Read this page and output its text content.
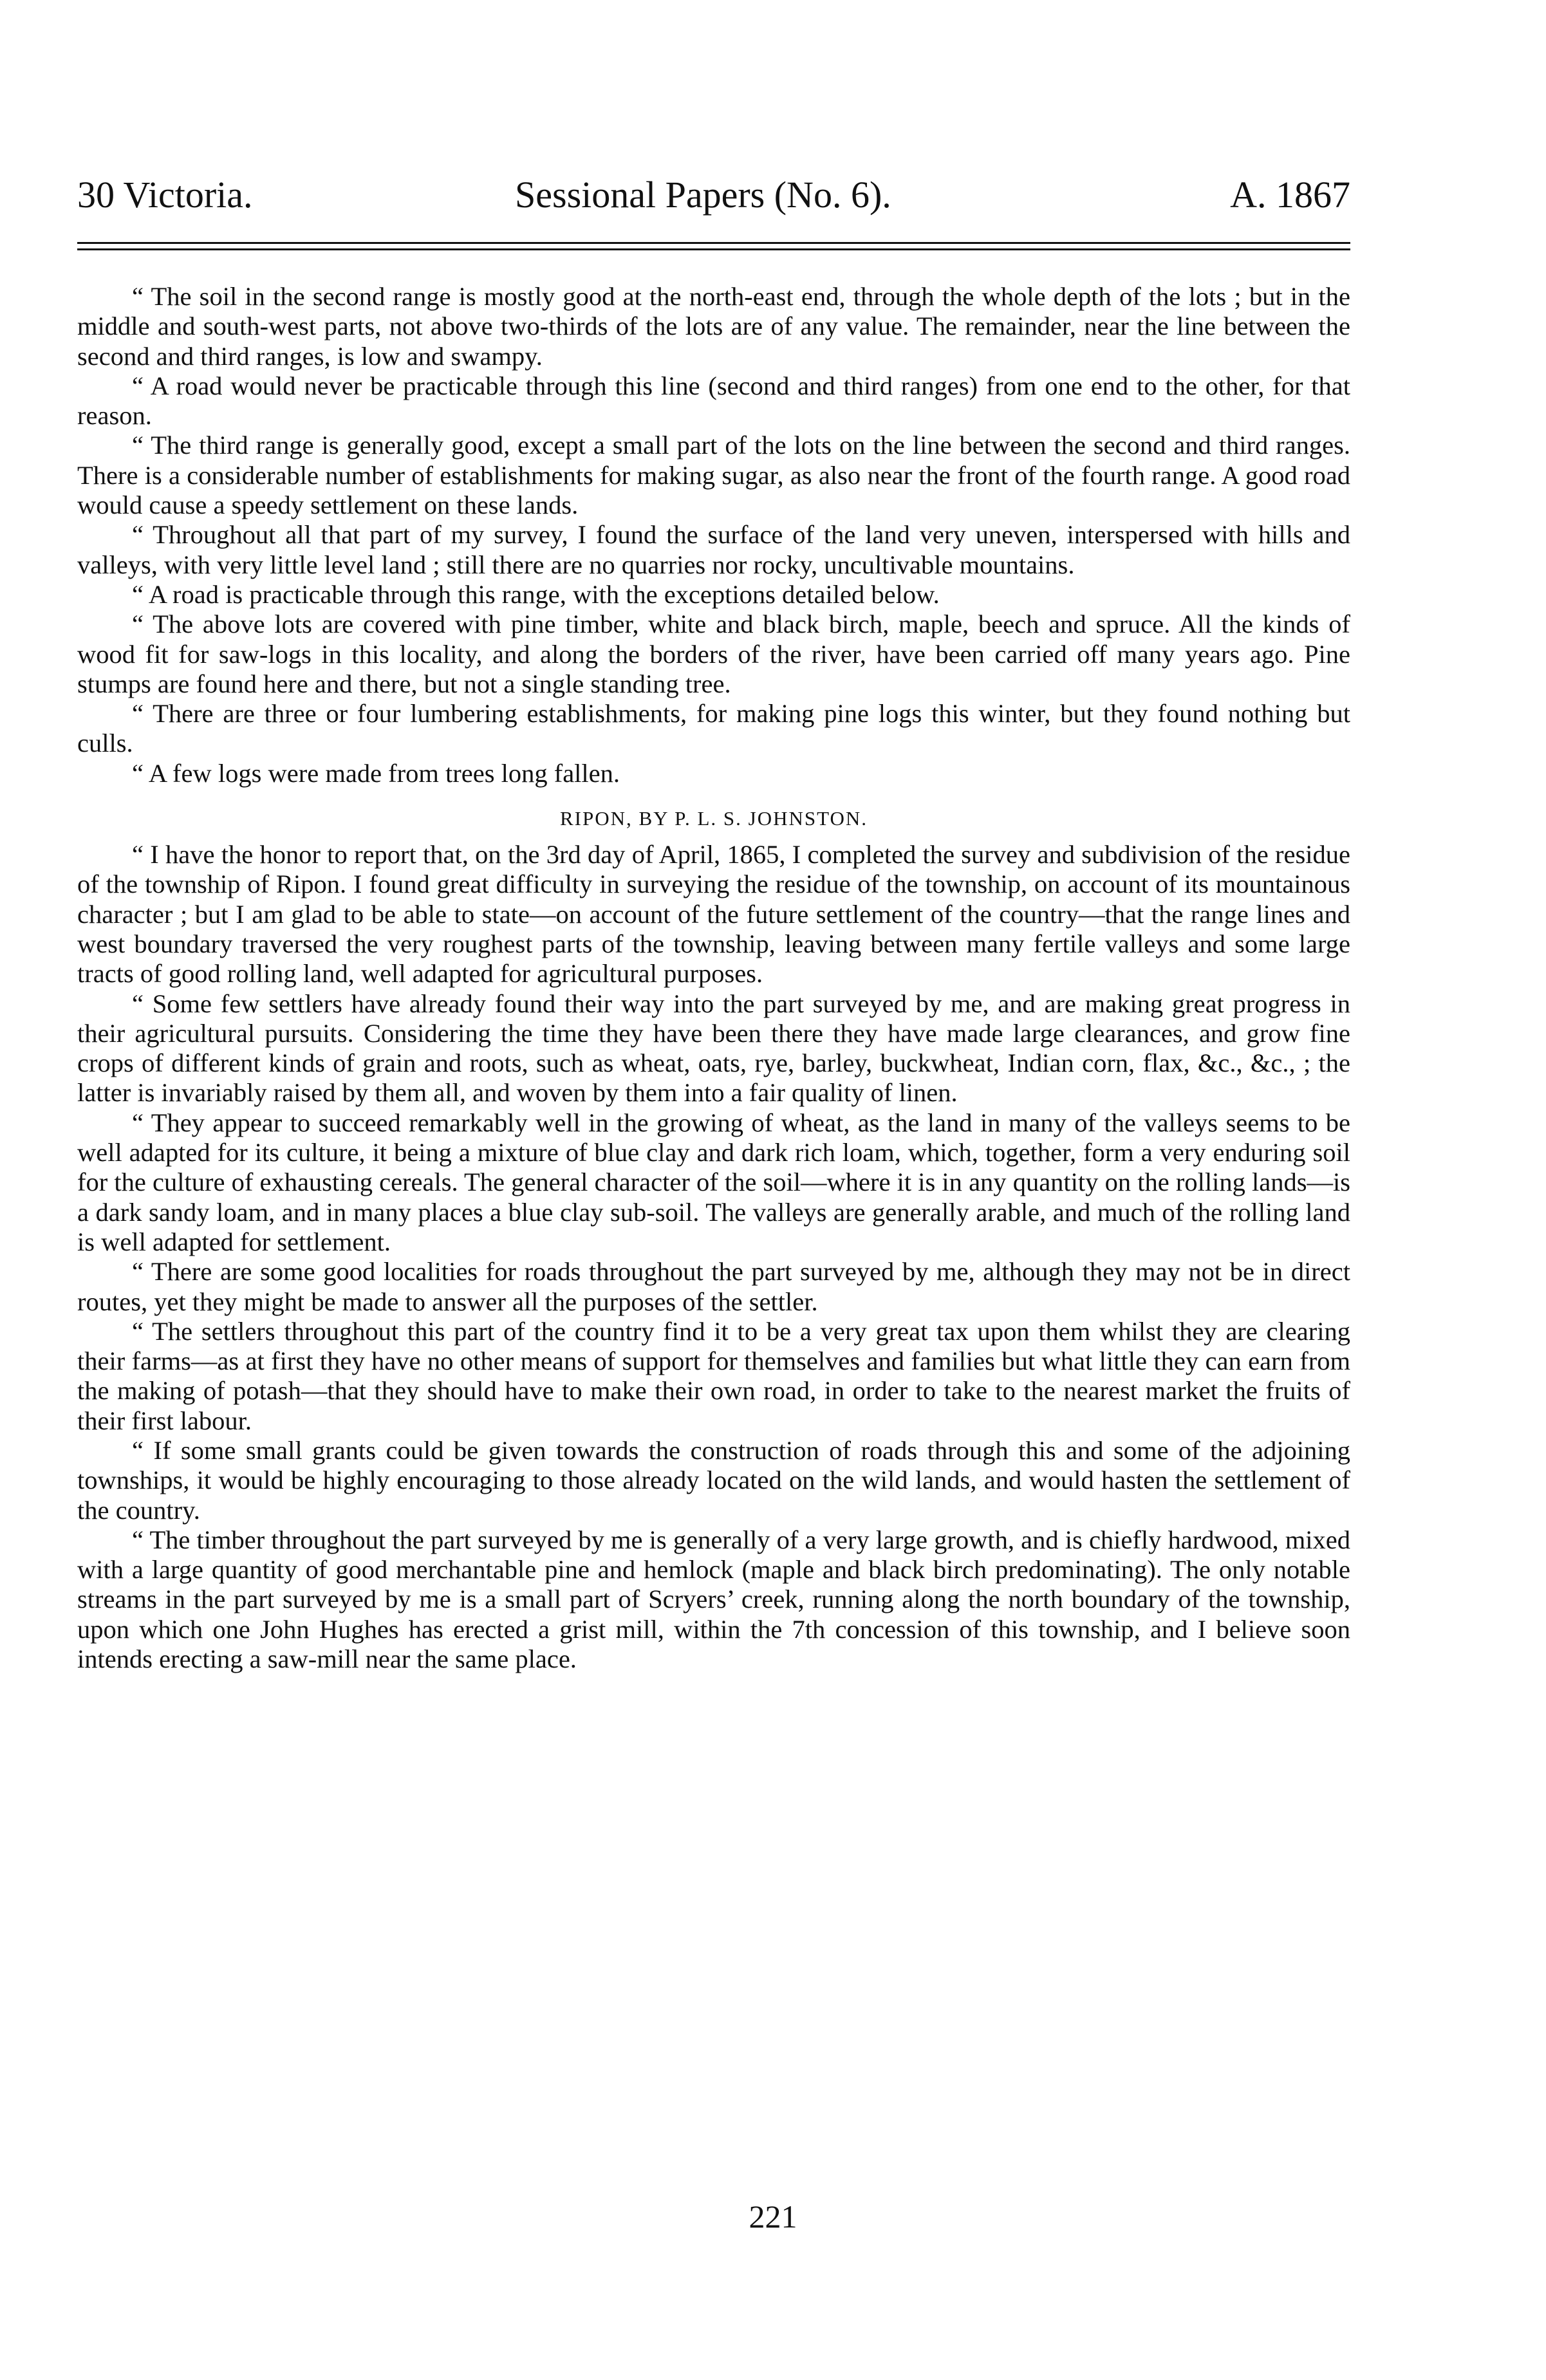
30 Victoria.	Sessional Papers (No. 6).	A. 1867

“ The soil in the second range is mostly good at the north-east end, through the whole depth of the lots ; but in the middle and south-west parts, not above two-thirds of the lots are of any value. The remainder, near the line between the second and third ranges, is low and swampy.

“ A road would never be practicable through this line (second and third ranges) from one end to the other, for that reason.

“ The third range is generally good, except a small part of the lots on the line between the second and third ranges. There is a considerable number of establishments for making sugar, as also near the front of the fourth range. A good road would cause a speedy settlement on these lands.

“ Throughout all that part of my survey, I found the surface of the land very uneven, interspersed with hills and valleys, with very little level land ; still there are no quarries nor rocky, uncultivable mountains.

“ A road is practicable through this range, with the exceptions detailed below.

“ The above lots are covered with pine timber, white and black birch, maple, beech and spruce. All the kinds of wood fit for saw-logs in this locality, and along the borders of the river, have been carried off many years ago. Pine stumps are found here and there, but not a single standing tree.

“ There are three or four lumbering establishments, for making pine logs this winter, but they found nothing but culls.

“ A few logs were made from trees long fallen.

RIPON, BY P. L. S. JOHNSTON.

“ I have the honor to report that, on the 3rd day of April, 1865, I completed the survey and subdivision of the residue of the township of Ripon. I found great difficulty in surveying the residue of the township, on account of its mountainous character ; but I am glad to be able to state—on account of the future settlement of the country—that the range lines and west boundary traversed the very roughest parts of the township, leaving between many fertile valleys and some large tracts of good rolling land, well adapted for agricultural purposes.

“ Some few settlers have already found their way into the part surveyed by me, and are making great progress in their agricultural pursuits. Considering the time they have been there they have made large clearances, and grow fine crops of different kinds of grain and roots, such as wheat, oats, rye, barley, buckwheat, Indian corn, flax, &c., &c., ; the latter is invariably raised by them all, and woven by them into a fair quality of linen.

“ They appear to succeed remarkably well in the growing of wheat, as the land in many of the valleys seems to be well adapted for its culture, it being a mixture of blue clay and dark rich loam, which, together, form a very enduring soil for the culture of exhausting cereals. The general character of the soil—where it is in any quantity on the rolling lands—is a dark sandy loam, and in many places a blue clay sub-soil. The valleys are generally arable, and much of the rolling land is well adapted for settlement.

“ There are some good localities for roads throughout the part surveyed by me, although they may not be in direct routes, yet they might be made to answer all the purposes of the settler.

“ The settlers throughout this part of the country find it to be a very great tax upon them whilst they are clearing their farms—as at first they have no other means of support for themselves and families but what little they can earn from the making of potash—that they should have to make their own road, in order to take to the nearest market the fruits of their first labour.

“ If some small grants could be given towards the construction of roads through this and some of the adjoining townships, it would be highly encouraging to those already located on the wild lands, and would hasten the settlement of the country.

“ The timber throughout the part surveyed by me is generally of a very large growth, and is chiefly hardwood, mixed with a large quantity of good merchantable pine and hemlock (maple and black birch predominating). The only notable streams in the part surveyed by me is a small part of Scryers’ creek, running along the north boundary of the township, upon which one John Hughes has erected a grist mill, within the 7th concession of this township, and I believe soon intends erecting a saw-mill near the same place.

221
